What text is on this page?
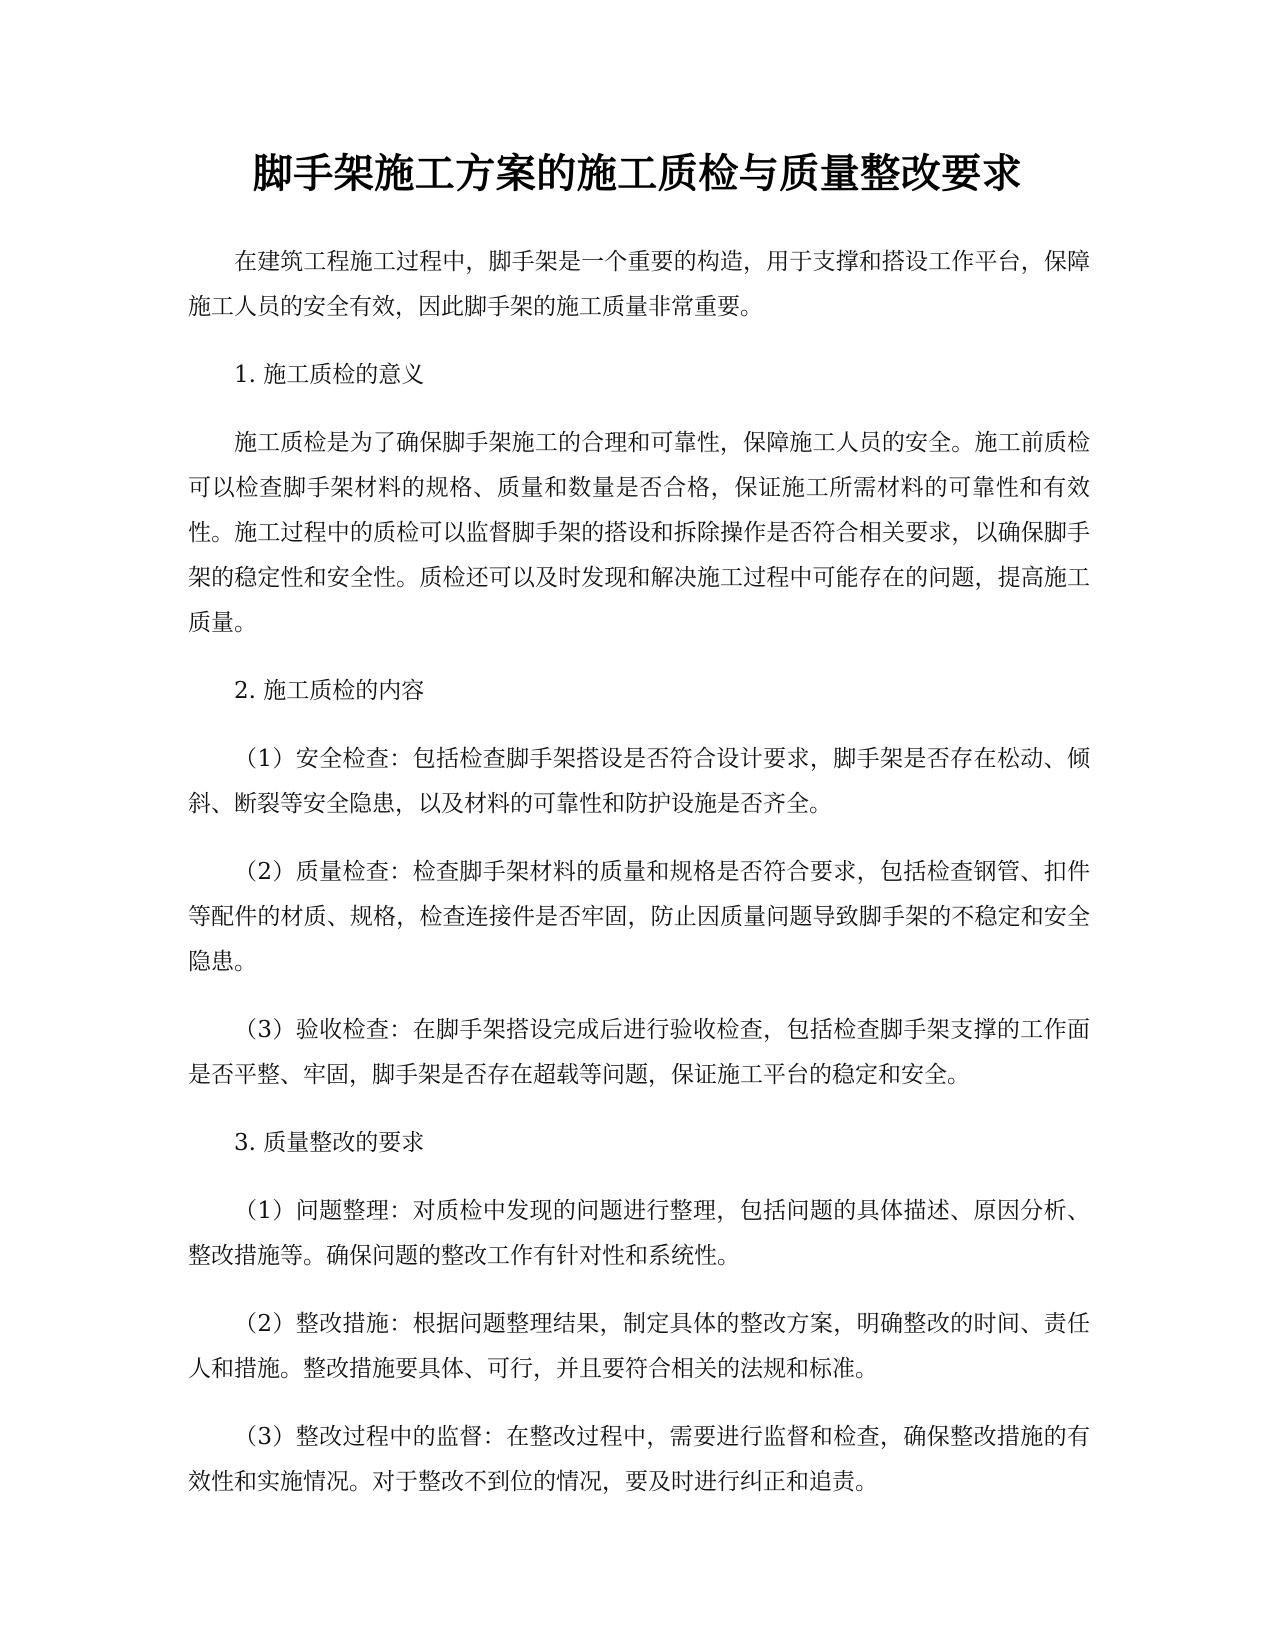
脚手架施工方案的施工质检与质量整改要求

在建筑工程施工过程中，脚手架是一个重要的构造，用于支撑和搭设工作平台，保障施工人员的安全有效，因此脚手架的施工质量非常重要。

1. 施工质检的意义

施工质检是为了确保脚手架施工的合理和可靠性，保障施工人员的安全。施工前质检可以检查脚手架材料的规格、质量和数量是否合格，保证施工所需材料的可靠性和有效性。施工过程中的质检可以监督脚手架的搭设和拆除操作是否符合相关要求，以确保脚手架的稳定性和安全性。质检还可以及时发现和解决施工过程中可能存在的问题，提高施工质量。

2. 施工质检的内容

（1）安全检查：包括检查脚手架搭设是否符合设计要求，脚手架是否存在松动、倾斜、断裂等安全隐患，以及材料的可靠性和防护设施是否齐全。

（2）质量检查：检查脚手架材料的质量和规格是否符合要求，包括检查钢管、扣件等配件的材质、规格，检查连接件是否牢固，防止因质量问题导致脚手架的不稳定和安全隐患。

（3）验收检查：在脚手架搭设完成后进行验收检查，包括检查脚手架支撑的工作面是否平整、牢固，脚手架是否存在超载等问题，保证施工平台的稳定和安全。

3. 质量整改的要求

（1）问题整理：对质检中发现的问题进行整理，包括问题的具体描述、原因分析、整改措施等。确保问题的整改工作有针对性和系统性。

（2）整改措施：根据问题整理结果，制定具体的整改方案，明确整改的时间、责任人和措施。整改措施要具体、可行，并且要符合相关的法规和标准。

（3）整改过程中的监督：在整改过程中，需要进行监督和检查，确保整改措施的有效性和实施情况。对于整改不到位的情况，要及时进行纠正和追责。
